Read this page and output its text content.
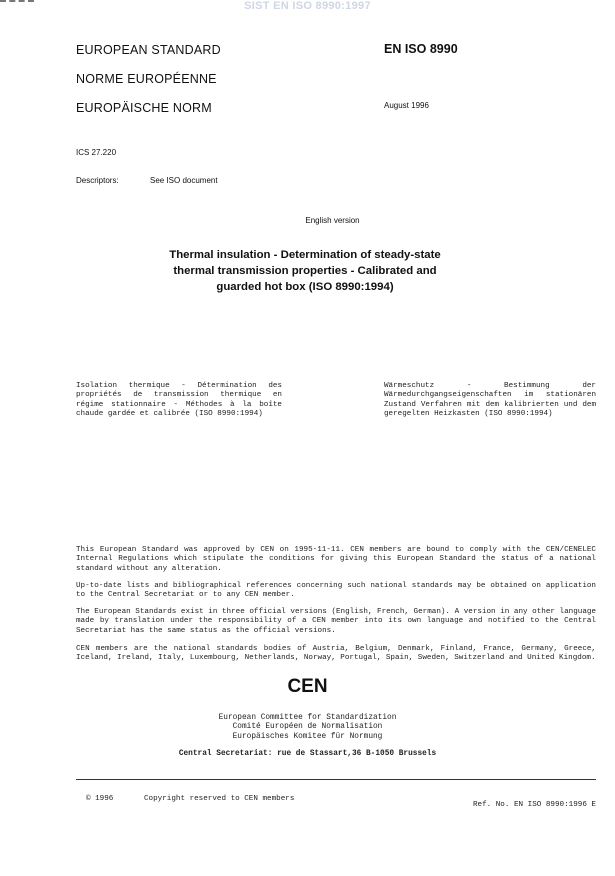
SIST EN ISO 8990:1997
EUROPEAN STANDARD
NORME EUROPÉENNE
EUROPÄISCHE NORM
EN ISO 8990
August 1996
ICS 27.220
Descriptors:	See ISO document
English version
Thermal insulation - Determination of steady-state
thermal transmission properties - Calibrated and
guarded hot box (ISO 8990:1994)
Isolation thermique - Détermination des propriétés de transmission thermique en régime stationnaire - Méthodes à la boîte chaude gardée et calibrée (ISO 8990:1994)
Wärmeschutz - Bestimmung der Wärmedurchgangseigenschaften im stationären Zustand Verfahren mit dem kalibrierten und dem geregelten Heizkasten (ISO 8990:1994)
This European Standard was approved by CEN on 1995-11-11. CEN members are bound to comply with the CEN/CENELEC Internal Regulations which stipulate the conditions for giving this European Standard the status of a national standard without any alteration.
Up-to-date lists and bibliographical references concerning such national standards may be obtained on application to the Central Secretariat or to any CEN member.
The European Standards exist in three official versions (English, French, German). A version in any other language made by translation under the responsibility of a CEN member into its own language and notified to the Central Secretariat has the same status as the official versions.
CEN members are the national standards bodies of Austria, Belgium, Denmark, Finland, France, Germany, Greece, Iceland, Ireland, Italy, Luxembourg, Netherlands, Norway, Portugal, Spain, Sweden, Switzerland and United Kingdom.
CEN
European Committee for Standardization
Comité Européen de Normalisation
Europäisches Komitee für Normung
Central Secretariat: rue de Stassart,36 B-1050 Brussels
© 1996	Copyright reserved to CEN members
Ref. No. EN ISO 8990:1996 E
